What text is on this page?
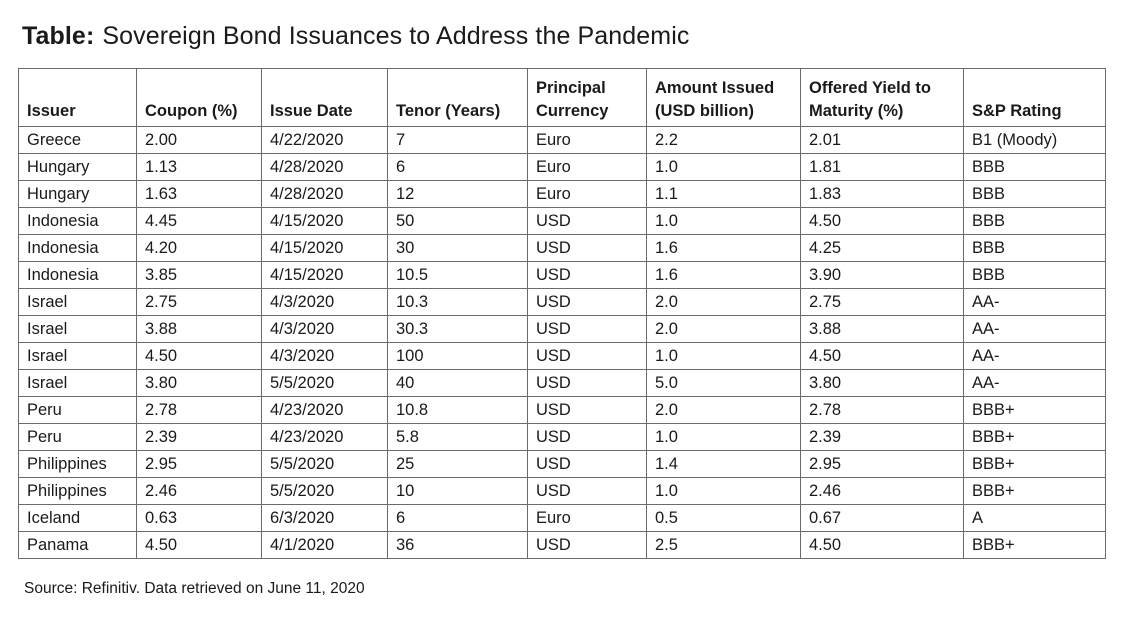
Table: Sovereign Bond Issuances to Address the Pandemic
Issuer	Coupon (%)	Issue Date	Tenor (Years)	Principal Currency	Amount Issued (USD billion)	Offered Yield to Maturity (%)	S&P Rating
Greece	2.00	4/22/2020	7	Euro	2.2	2.01	B1 (Moody)
Hungary	1.13	4/28/2020	6	Euro	1.0	1.81	BBB
Hungary	1.63	4/28/2020	12	Euro	1.1	1.83	BBB
Indonesia	4.45	4/15/2020	50	USD	1.0	4.50	BBB
Indonesia	4.20	4/15/2020	30	USD	1.6	4.25	BBB
Indonesia	3.85	4/15/2020	10.5	USD	1.6	3.90	BBB
Israel	2.75	4/3/2020	10.3	USD	2.0	2.75	AA-
Israel	3.88	4/3/2020	30.3	USD	2.0	3.88	AA-
Israel	4.50	4/3/2020	100	USD	1.0	4.50	AA-
Israel	3.80	5/5/2020	40	USD	5.0	3.80	AA-
Peru	2.78	4/23/2020	10.8	USD	2.0	2.78	BBB+
Peru	2.39	4/23/2020	5.8	USD	1.0	2.39	BBB+
Philippines	2.95	5/5/2020	25	USD	1.4	2.95	BBB+
Philippines	2.46	5/5/2020	10	USD	1.0	2.46	BBB+
Iceland	0.63	6/3/2020	6	Euro	0.5	0.67	A
Panama	4.50	4/1/2020	36	USD	2.5	4.50	BBB+
Source: Refinitiv. Data retrieved on June 11, 2020
